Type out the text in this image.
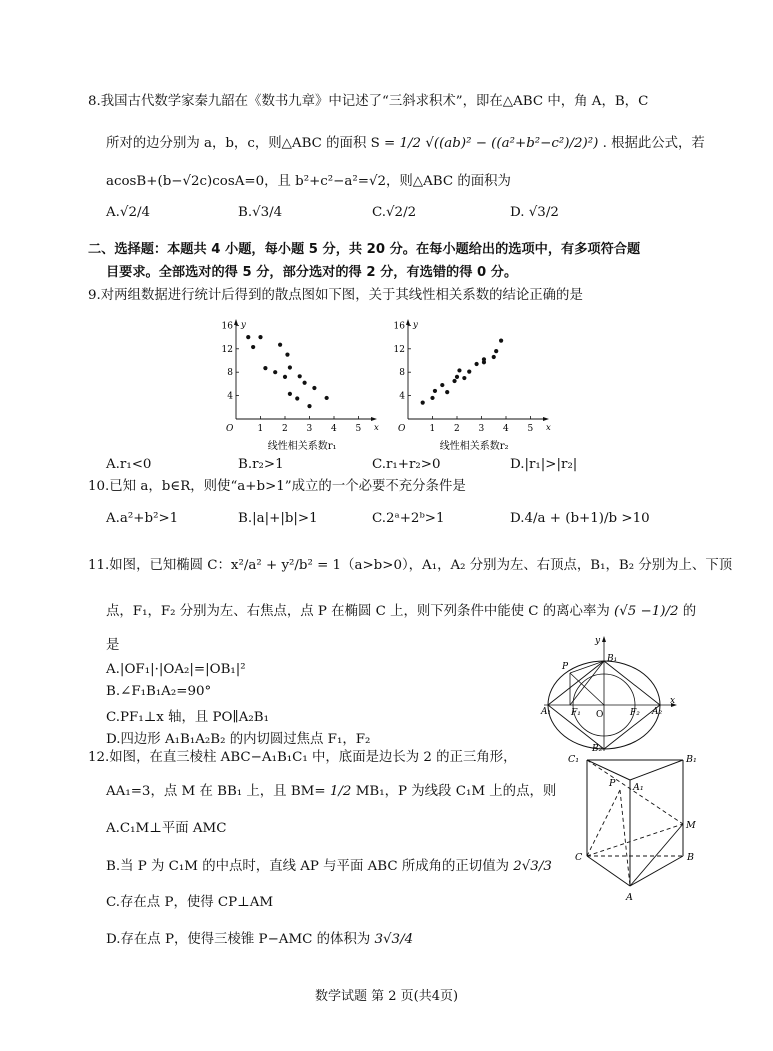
8.我国古代数学家秦九韶在《数书九章》中记述了“三斜求积术”，即在△ABC 中，角 A，B，C
所对的边分别为 a，b，c，则△ABC 的面积 S = 1/2 √((ab)² − ((a²+b²−c²)/2)²) . 根据此公式，若
acosB+(b−√2c)cosA=0，且 b²+c²−a²=√2，则△ABC 的面积为
A.√2/4	B.√3/4	C.√2/2	D. √3/2
二、选择题：本题共 4 小题，每小题 5 分，共 20 分。在每小题给出的选项中，有多项符合题
目要求。全部选对的得 5 分，部分选对的得 2 分，有选错的得 0 分。
9.对两组数据进行统计后得到的散点图如下图，关于其线性相关系数的结论正确的是
y
x
O	1 2 3 4 5
4
8
12
16
线性相关系数r₁
y
x
O	1 2 3 4 5
4
8
12
16
线性相关系数r₂
A.r₁<0	B.r₂>1	C.r₁+r₂>0	D.|r₁|>|r₂|
10.已知 a，b∈R，则使“a+b>1”成立的一个必要不充分条件是
A.a²+b²>1	B.|a|+|b|>1	C.2ᵃ+2ᵇ>1	D.4/a + (b+1)/b >10
11.如图，已知椭圆 C：x²/a² + y²/b² = 1（a>b>0），A₁，A₂ 分别为左、右顶点，B₁，B₂ 分别为上、下顶
点，F₁，F₂ 分别为左、右焦点，点 P 在椭圆 C 上，则下列条件中能使 C 的离心率为 (√5 −1)/2 的
是
A.|OF₁|·|OA₂|=|OB₁|²
B.∠F₁B₁A₂=90°
C.PF₁⊥x 轴，且 PO∥A₂B₁
D.四边形 A₁B₁A₂B₂ 的内切圆过焦点 F₁，F₂
y
x
O
P
B₁
B₂
A₁	A₂
F₁	F₂
12.如图，在直三棱柱 ABC−A₁B₁C₁ 中，底面是边长为 2 的正三角形，
AA₁=3，点 M 在 BB₁ 上，且 BM= 1/2 MB₁，P 为线段 C₁M 上的点，则
A.C₁M⊥平面 AMC
B.当 P 为 C₁M 的中点时，直线 AP 与平面 ABC 所成角的正切值为 2√3/3
C.存在点 P，使得 CP⊥AM
D.存在点 P，使得三棱锥 P−AMC 的体积为 3√3/4
C₁	B₁
A₁
P
M
C	B
A
数学试题 第 2 页(共4页)
